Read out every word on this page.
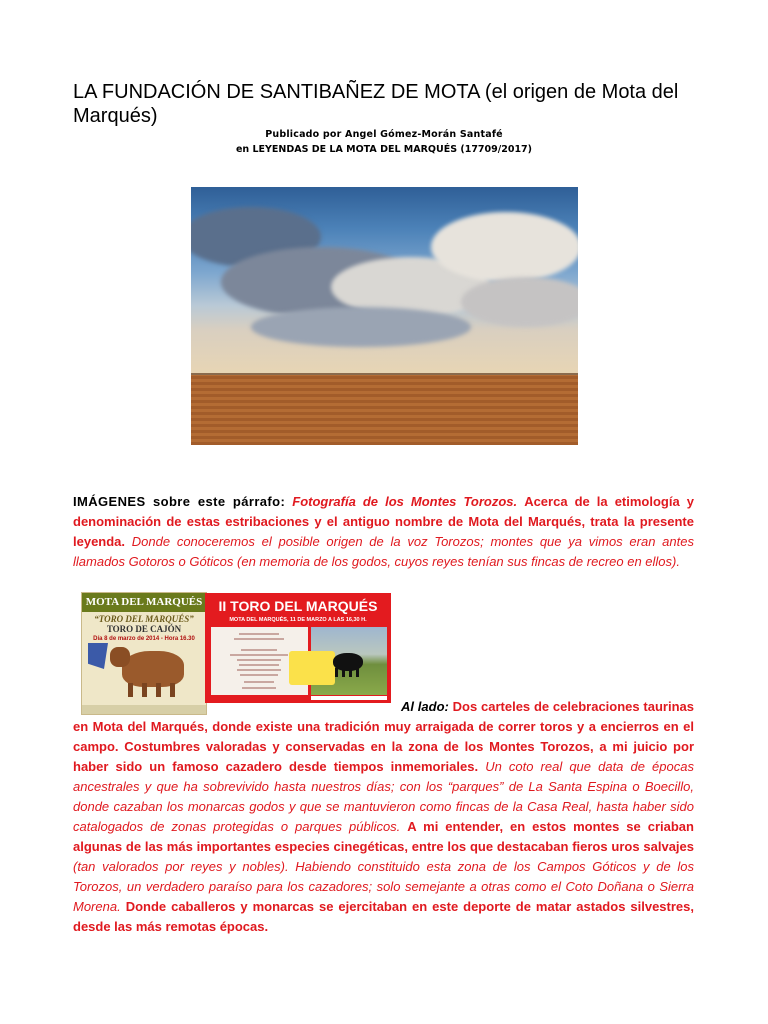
LA FUNDACIÓN DE SANTIBAÑEZ DE MOTA (el origen de Mota del Marqués)
Publicado por Angel Gómez-Morán Santafé
en LEYENDAS DE LA MOTA DEL MARQUÉS (17709/2017)

IMÁGENES sobre este párrafo: Fotografía de los Montes Torozos. Acerca de la etimología y denominación de estas estribaciones y el antiguo nombre de Mota del Marqués, trata la presente leyenda. Donde conoceremos el posible origen de la voz Torozos; montes que ya vimos eran antes llamados Gotoros o Góticos (en memoria de los godos, cuyos reyes tenían sus fincas de recreo en ellos).

MOTA DEL MARQUÉS
“TORO DEL MARQUÉS”
TORO DE CAJÓN
Día 8 de marzo de 2014 - Hora 16.30
II TORO DEL MARQUÉS
MOTA DEL MARQUÉS, 11 DE MARZO A LAS 16,30 H.

Al lado: Dos carteles de celebraciones taurinas en Mota del Marqués, donde existe una tradición muy arraigada de correr toros y a encierros en el campo. Costumbres valoradas y conservadas en la zona de los Montes Torozos, a mi juicio por haber sido un famoso cazadero desde tiempos inmemoriales. Un coto real que data de épocas ancestrales y que ha sobrevivido hasta nuestros días; con los “parques” de La Santa Espina o Boecillo, donde cazaban los monarcas godos y que se mantuvieron como fincas de la Casa Real, hasta haber sido catalogados de zonas protegidas o parques públicos. A mi entender, en estos montes se criaban algunas de las más importantes especies cinegéticas, entre los que destacaban fieros uros salvajes (tan valorados por reyes y nobles). Habiendo constituido esta zona de los Campos Góticos y de los Torozos, un verdadero paraíso para los cazadores; solo semejante a otras como el Coto Doñana o Sierra Morena. Donde caballeros y monarcas se ejercitaban en este deporte de matar astados silvestres, desde las más remotas épocas.
